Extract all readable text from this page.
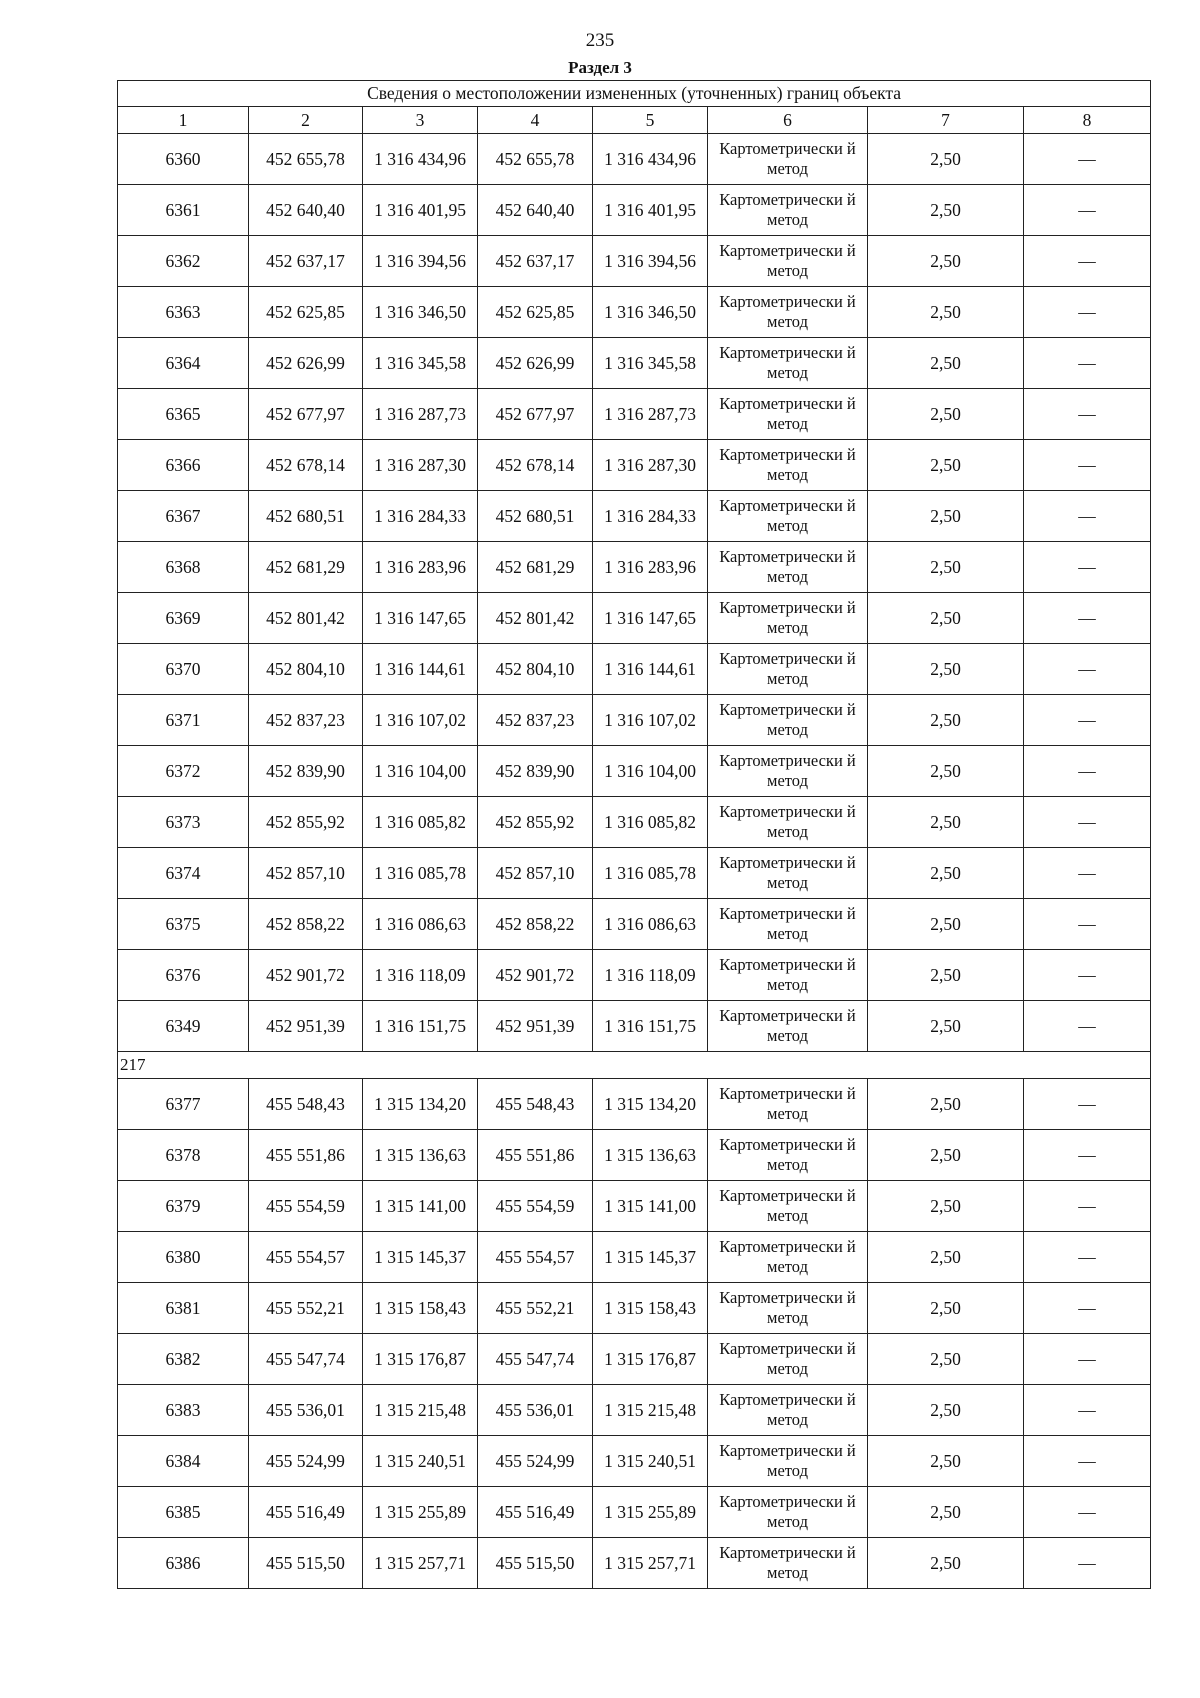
235
Раздел 3
Сведения о местоположении измененных (уточненных) границ объекта							
1	2	3	4	5	6	7	8
6360	452 655,78	1 316 434,96	452 655,78	1 316 434,96	Картометрически й метод	2,50	—
6361	452 640,40	1 316 401,95	452 640,40	1 316 401,95	Картометрически й метод	2,50	—
6362	452 637,17	1 316 394,56	452 637,17	1 316 394,56	Картометрически й метод	2,50	—
6363	452 625,85	1 316 346,50	452 625,85	1 316 346,50	Картометрически й метод	2,50	—
6364	452 626,99	1 316 345,58	452 626,99	1 316 345,58	Картометрически й метод	2,50	—
6365	452 677,97	1 316 287,73	452 677,97	1 316 287,73	Картометрически й метод	2,50	—
6366	452 678,14	1 316 287,30	452 678,14	1 316 287,30	Картометрически й метод	2,50	—
6367	452 680,51	1 316 284,33	452 680,51	1 316 284,33	Картометрически й метод	2,50	—
6368	452 681,29	1 316 283,96	452 681,29	1 316 283,96	Картометрически й метод	2,50	—
6369	452 801,42	1 316 147,65	452 801,42	1 316 147,65	Картометрически й метод	2,50	—
6370	452 804,10	1 316 144,61	452 804,10	1 316 144,61	Картометрически й метод	2,50	—
6371	452 837,23	1 316 107,02	452 837,23	1 316 107,02	Картометрически й метод	2,50	—
6372	452 839,90	1 316 104,00	452 839,90	1 316 104,00	Картометрически й метод	2,50	—
6373	452 855,92	1 316 085,82	452 855,92	1 316 085,82	Картометрически й метод	2,50	—
6374	452 857,10	1 316 085,78	452 857,10	1 316 085,78	Картометрически й метод	2,50	—
6375	452 858,22	1 316 086,63	452 858,22	1 316 086,63	Картометрически й метод	2,50	—
6376	452 901,72	1 316 118,09	452 901,72	1 316 118,09	Картометрически й метод	2,50	—
6349	452 951,39	1 316 151,75	452 951,39	1 316 151,75	Картометрически й метод	2,50	—
217							
6377	455 548,43	1 315 134,20	455 548,43	1 315 134,20	Картометрически й метод	2,50	—
6378	455 551,86	1 315 136,63	455 551,86	1 315 136,63	Картометрически й метод	2,50	—
6379	455 554,59	1 315 141,00	455 554,59	1 315 141,00	Картометрически й метод	2,50	—
6380	455 554,57	1 315 145,37	455 554,57	1 315 145,37	Картометрически й метод	2,50	—
6381	455 552,21	1 315 158,43	455 552,21	1 315 158,43	Картометрически й метод	2,50	—
6382	455 547,74	1 315 176,87	455 547,74	1 315 176,87	Картометрически й метод	2,50	—
6383	455 536,01	1 315 215,48	455 536,01	1 315 215,48	Картометрически й метод	2,50	—
6384	455 524,99	1 315 240,51	455 524,99	1 315 240,51	Картометрически й метод	2,50	—
6385	455 516,49	1 315 255,89	455 516,49	1 315 255,89	Картометрически й метод	2,50	—
6386	455 515,50	1 315 257,71	455 515,50	1 315 257,71	Картометрически й метод	2,50	—
